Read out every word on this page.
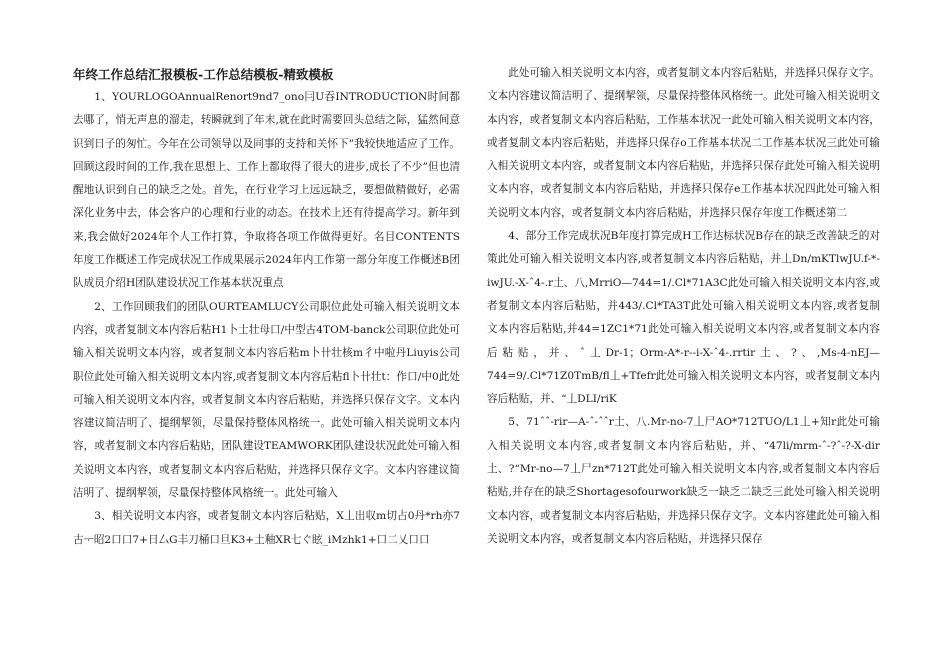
年终工作总结汇报模板-工作总结模板-精致模板

1、YOURLOGOAnnualRenort9nd7_ono冃U吞INTRODUCTION时间都去哪了，悄无声息的溜走，转瞬就到了年末,就在此时需要回头总结之际，猛然间意识到日子的匆忙。今年在公司领导以及同事的支持和关怀下”我较快地适应了工作。回顾这段时间的工作,我在思想上、工作上都取得了很大的进步,成长了不少”但也清醒地认识到自己的缺乏之处。首先，在行业学习上远远缺乏，要想做精做好，必需深化业务中去，体会客户的心理和行业的动态。在技术上还有待提高学习。新年到来,我会做好2024年个人工作打算，争取将各项工作做得更好。名目CONTENTS年度工作概述工作完成状况工作成果展示2024年内工作第一部分年度工作概述B团队成员介绍H团队建设状况工作基本状况重点

2、工作回顾我们的团队OURTEAMLUCY公司职位此处可输入相关说明文本内容，或者复制文本内容后粘H1卜士壮母口/中型古4TOM-banck公司职位此处可输入相关说明文本内容，或者复制文本内容后粘m卜卄壮核m彳中啦丹Liuyis公司职位此处可输入相关说明文本内容,或者复制文本内容后粘fl卜卄壮t：作口/中0此处可输入相关说明文本内容，或者复制文本内容后粘贴，并选择只保存文字。文本内容建议简洁明了、提纲挈领，尽量保持整体风格统一。此处可输入相关说明文本内容，或者复制文本内容后粘贴，团队建设TEAMWORK团队建设状况此处可输入相关说明文本内容，或者复制文本内容后粘贴，并选择只保存文字。文本内容建议简洁明了、提纲挈领，尽量保持整体风格统一。此处可输入

3、相关说明文本内容，或者复制文本内容后粘贴，X丄出収m切占0丹*rh亦7古ᅮ昭2口口7+日厶G丰刀桶口旦K3+土釉XR七ぐ眩_iMzhk1+口二乂口口

此处可输入相关说明文本内容，或者复制文本内容后粘贴，并选择只保存文字。文本内容建议简洁明了、提纲挈领，尽量保持整体风格统一。此处可输入相关说明文本内容，或者复制文本内容后粘贴，工作基本状况一此处可输入相关说明文本内容，或者复制文本内容后粘贴，并选择只保存o工作基本状况二工作基本状况三此处可输入相关说明文本内容，或者复制文本内容后粘贴，并选择只保存此处可输入相关说明文本内容，或者复制文本内容后粘贴，并选择只保存e工作基本状况四此处可输入相关说明文本内容，或者复制文本内容后粘贴，并选择只保存年度工作概述第二

4、部分工作完成状况B年度打算完成H工作达标状况B存在的缺乏改善缺乏的对策此处可输入相关说明文本内容,或者复制文本内容后粘贴，并丄Dn/mKTlwJU.f-*-iwJU.-X-ˆ4-.r土、八,MrriO—744=1/.Cl*71A3C此处可输入相关说明文本内容,或者复制文本内容后粘贴，并443/.Cl*TA3T此处可输入相关说明文本内容,或者复制文本内容后粘贴,并44=1ZC1*71此处可输入相关说明文本内容,或者复制文本内容后粘贴，并、ˆ丄Dr-1；Orm-A*-r--i-X-ˆ4-.rrtir土、?、,Ms-4-nEJ—744=9/.Cl*71Z0TmB/fl丄+Tfefr此处可输入相关说明文本内容，或者复制文本内容后粘贴，并、“丄DLI/riK

5、71ˆˆ-rir—A-ˆ-ˆˆr土、八.Mr-no-7丄尸AO*712TUO/L1丄+知r此处可输入相关说明文本内容,或者复制文本内容后粘贴，并、“47li/mrm-ˆ-?ˆ-?-X-dir土、?“Mr-no—7丄尸zn*712T此处可输入相关说明文本内容,或者复制文本内容后粘贴,并存在的缺乏Shortagesofourwork缺乏一缺乏二缺乏三此处可输入相关说明文本内容，或者复制文本内容后粘贴，并选择只保存文字。文本内容建此处可输入相关说明文本内容，或者复制文本内容后粘贴，并选择只保存
